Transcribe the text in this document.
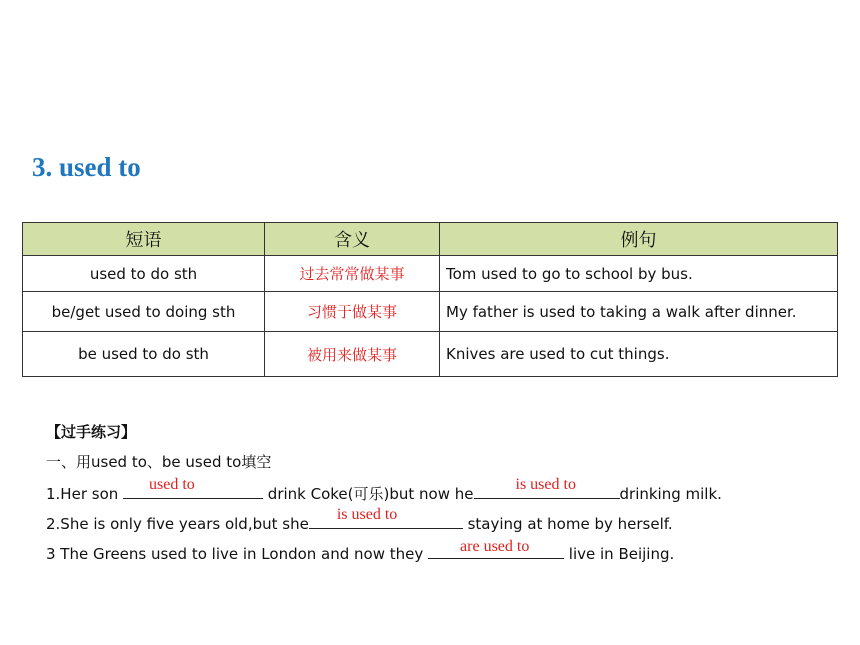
3. used to
短语	含义	例句
used to do sth	过去常常做某事	Tom used to go to school by bus.
be/get used to doing sth	习惯于做某事	My father is used to taking a walk after dinner.
be used to do sth	被用来做某事	Knives are used to cut things.
【过手练习】
一、用used to、be used to填空
1.Her son
used to
drink Coke(可乐)but now he
is used to
drinking milk.
2.She is only five years old,but she
is used to
staying at home by herself.
3 The Greens used to live in London and now they are used to live in Beijing.
